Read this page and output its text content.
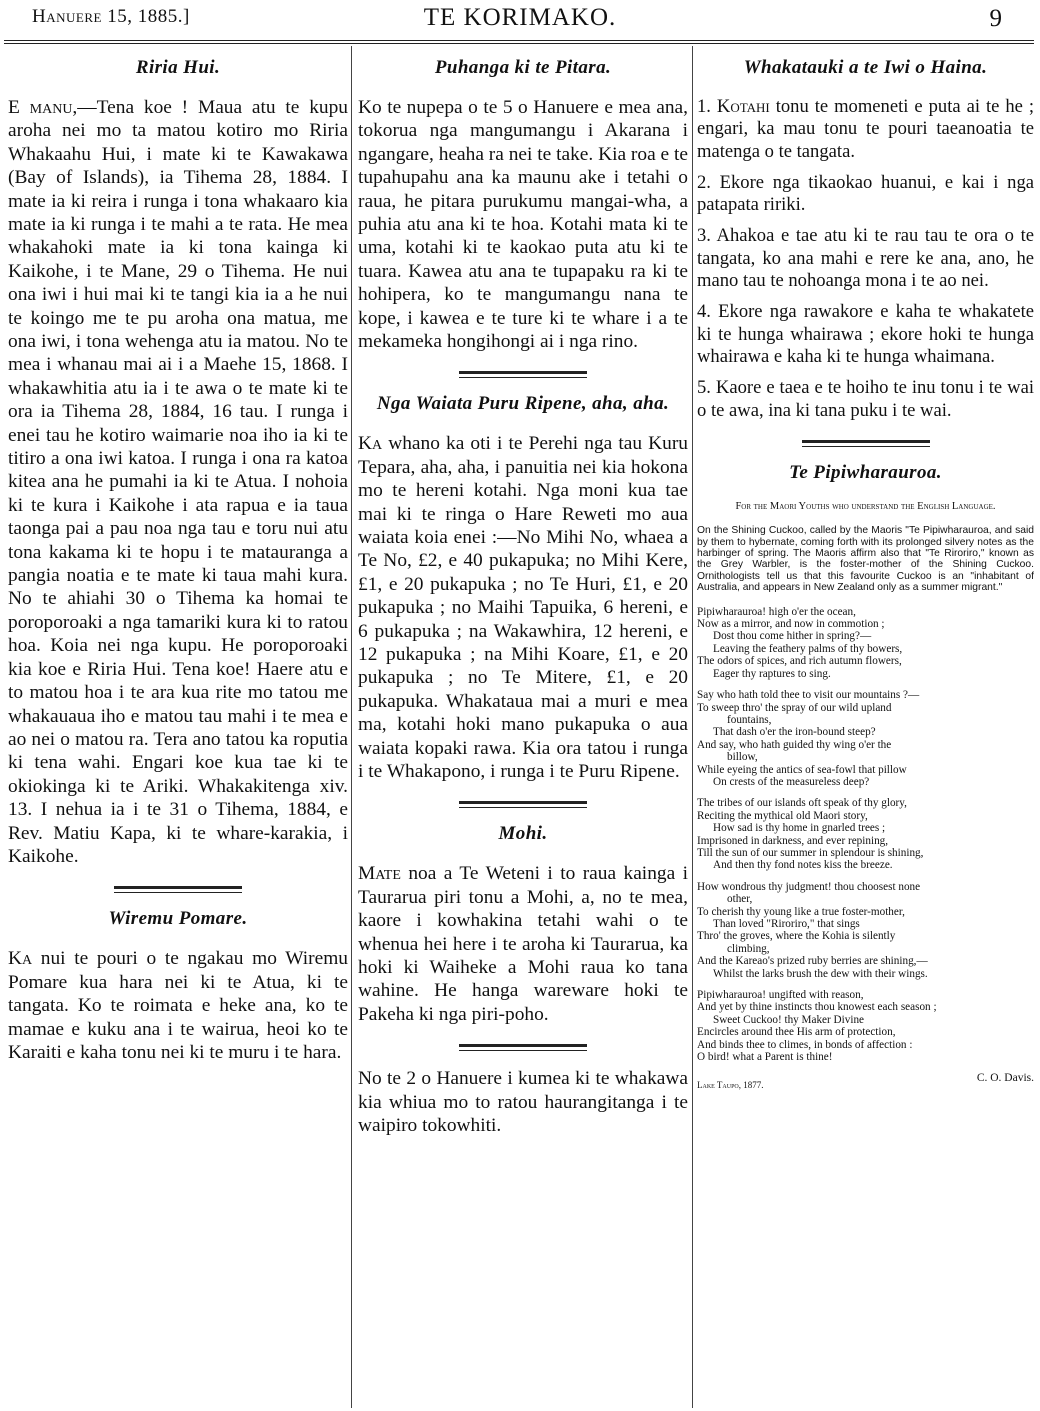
Hanuere 15, 1885.]	TE KORIMAKO.	9
Riria Hui.

E manu,—Tena koe ! Maua atu te kupu aroha nei mo ta matou kotiro mo Riria Whakaahu Hui, i mate ki te Kawakawa (Bay of Islands), ia Tihema 28, 1884. I mate ia ki reira i runga i tona whakaaro kia mate ia ki runga i te mahi a te rata. He mea whakahoki mate ia ki tona kainga ki Kaikohe, i te Mane, 29 o Tihema. He nui ona iwi i hui mai ki te tangi kia ia a he nui te koingo me te pu aroha ona matua, me ona iwi, i tona wehenga atu ia matou. No te mea i whanau mai ai i a Maehe 15, 1868. I whakawhitia atu ia i te awa o te mate ki te ora ia Tihema 28, 1884, 16 tau. I runga i enei tau he kotiro waimarie noa iho ia ki te titiro a ona iwi katoa. I runga i ona ra katoa kitea ana he pumahi ia ki te Atua. I nohoia ki te kura i Kaikohe i ata rapua e ia taua taonga pai a pau noa nga tau e toru nui atu tona kakama ki te hopu i te matauranga a pangia noatia e te mate ki taua mahi kura. No te ahiahi 30 o Tihema ka homai te poroporoaki a nga tamariki kura ki to ratou hoa. Koia nei nga kupu. He poroporoaki kia koe e Riria Hui. Tena koe! Haere atu e to matou hoa i te ara kua rite mo tatou me whakauaua iho e matou tau mahi i te mea e ao nei o matou ra. Tera ano tatou ka roputia ki tena wahi. Engari koe kua tae ki te okiokinga ki te Ariki. Whakakitenga xiv. 13. I nehua ia i te 31 o Tihema, 1884, e Rev. Matiu Kapa, ki te whare-karakia, i Kaikohe.

Wiremu Pomare.

Ka nui te pouri o te ngakau mo Wiremu Pomare kua hara nei ki te Atua, ki te tangata. Ko te roimata e heke ana, ko te mamae e kuku ana i te wairua, heoi ko te Karaiti e kaha tonu nei ki te muru i te hara.

Puhanga ki te Pitara.

Ko te nupepa o te 5 o Hanuere e mea ana, tokorua nga mangumangu i Akarana i ngangare, heaha ra nei te take. Kia roa e te tupahupahu ana ka maunu ake i tetahi o raua, he pitara purukumu mangai-wha, a puhia atu ana ki te hoa. Kotahi mata ki te uma, kotahi ki te kaokao puta atu ki te tuara. Kawea atu ana te tupapaku ra ki te hohipera, ko te mangumangu nana te kope, i kawea e te ture ki te whare i a te mekameka hongihongi ai i nga rino.

Nga Waiata Puru Ripene, aha, aha.

Ka whano ka oti i te Perehi nga tau Kuru Tepara, aha, aha, i panuitia nei kia hokona mo te hereni kotahi. Nga moni kua tae mai ki te ringa o Hare Reweti mo aua waiata koia enei :—No Mihi No, whaea a Te No, £2, e 40 pukapuka; no Mihi Kere, £1, e 20 pukapuka ; no Te Huri, £1, e 20 pukapuka ; no Maihi Tapuika, 6 hereni, e 6 pukapuka ; na Wakawhira, 12 hereni, e 12 pukapuka ; na Mihi Koare, £1, e 20 pukapuka ; no Te Mitere, £1, e 20 pukapuka. Whakatauа mai a muri e mea ma, kotahi hoki mano pukapuka o aua waiata kopaki rawa. Kia ora tatou i runga i te Whakapono, i runga i te Puru Ripene.

Mohi.

Mate noa a Te Weteni i to raua kainga i Taurarua piri tonu a Mohi, a, no te mea, kaore i kowhakina tetahi wahi o te whenua hei here i te aroha ki Taurarua, ka hoki ki Waiheke a Mohi raua ko tana wahine. He hanga wareware hoki te Pakeha ki nga piri-poho.

No te 2 o Hanuere i kumea ki te whakawa kia whiua mo to ratou haurangitanga i te waipiro tokowhiti.

Whakatauki a te Iwi o Haina.

1. Kotahi tonu te momeneti e puta ai te he ; engari, ka mau tonu te pouri taeanoatia te matenga o te tangata.

2. Ekore nga tikaokao huanui, e kai i nga patapata ririki.

3. Ahakoa e tae atu ki te rau tau te ora o te tangata, ko ana mahi e rere ke ana, ano, he mano tau te nohoanga mona i te ao nei.

4. Ekore nga rawakore e kaha te whakatete ki te hunga whairawa ; ekore hoki te hunga whairawa e kaha ki te hunga whaimana.

5. Kaore e taea e te hoiho te inu tonu i te wai o te awa, ina ki tana puku i te wai.

Te Pipiwharauroa.
For the Maori Youths who understand the English Language.
On the Shining Cuckoo, called by the Maoris "Te Pipiwharauroa, and said by them to hybernate, coming forth with its prolonged silvery notes as the harbinger of spring. The Maoris affirm also that "Te Riroriro," known as the Grey Warbler, is the foster-mother of the Shining Cuckoo. Ornithologists tell us that this favourite Cuckoo is an "inhabitant of Australia, and appears in New Zealand only as a summer migrant."
Pipiwharauroa! high o'er the ocean,
Now as a mirror, and now in commotion ;
Dost thou come hither in spring?—
Leaving the feathery palms of thy bowers,
The odors of spices, and rich autumn flowers,
Eager thy raptures to sing.
Say who hath told thee to visit our mountains ?—
To sweep thro' the spray of our wild upland
fountains,
That dash o'er the iron-bound steep?
And say, who hath guided thy wing o'er the
billow,
While eyeing the antics of sea-fowl that pillow
On crests of the measureless deep?
The tribes of our islands oft speak of thy glory,
Reciting the mythical old Maori story,
How sad is thy home in gnarled trees ;
Imprisoned in darkness, and ever repining,
Till the sun of our summer in splendour is shining,
And then thy fond notes kiss the breeze.
How wondrous thy judgment! thou choosest none
other,
To cherish thy young like a true foster-mother,
Than loved "Riroriro," that sings
Thro' the groves, where the Kohia is silently
climbing,
And the Kareao's prized ruby berries are shining,—
Whilst the larks brush the dew with their wings.
Pipiwharauroa! ungifted with reason,
And yet by thine instincts thou knowest each season ;
Sweet Cuckoo! thy Maker Divine
Encircles around thee His arm of protection,
And binds thee to climes, in bonds of affection :
O bird! what a Parent is thine!
C. O. Davis.
Lake Taupo, 1877.
